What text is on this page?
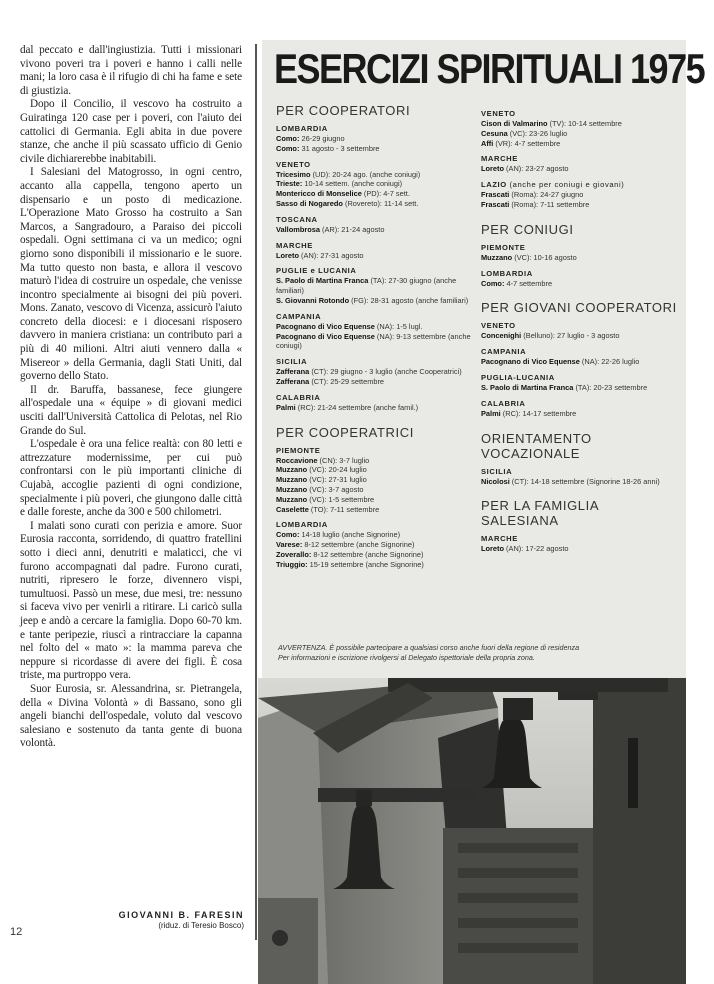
12

dal peccato e dall'ingiustizia. Tutti i missionari vivono poveri tra i poveri e hanno i calli nelle mani; la loro casa è il rifugio di chi ha fame e sete di giustizia.

Dopo il Concilio, il vescovo ha costruito a Guiratinga 120 case per i poveri, con l'aiuto dei cattolici di Germania. Egli abita in due povere stanze, che anche il più scassato ufficio di Genio civile dichiarerebbe inabitabili.

I Salesiani del Matogrosso, in ogni centro, accanto alla cappella, tengono aperto un dispensario e un posto di medicazione. L'Operazione Mato Grosso ha costruito a San Marcos, a Sangradouro, a Paraiso dei piccoli ospedali. Ogni settimana ci va un medico; ogni giorno sono disponibili il missionario e le suore. Ma tutto questo non basta, e allora il vescovo maturò l'idea di costruire un ospedale, che venisse incontro specialmente ai bisogni dei più poveri. Mons. Zanato, vescovo di Vicenza, assicurò l'aiuto concreto della diocesi: e i diocesani risposero davvero in maniera cristiana: un contributo pari a più di 40 milioni. Altri aiuti vennero dalla « Misereor » della Germania, dagli Stati Uniti, dal governo dello Stato.

Il dr. Baruffa, bassanese, fece giungere all'ospedale una « équipe » di giovani medici usciti dall'Università Cattolica di Pelotas, nel Rio Grande do Sul.

L'ospedale è ora una felice realtà: con 80 letti e attrezzature modernissime, per cui può confrontarsi con le più importanti cliniche di Cujabà, accoglie pazienti di ogni condizione, specialmente i più poveri, che giungono dalle città e dalle foreste, anche da 300 e 500 chilometri.

I malati sono curati con perizia e amore. Suor Eurosia racconta, sorridendo, di quattro fratellini sotto i dieci anni, denutriti e malaticci, che vi furono accompagnati dal padre. Furono curati, nutriti, ripresero le forze, divennero vispi, tumultuosi. Passò un mese, due mesi, tre: nessuno si faceva vivo per venirli a ritirare. Li caricò sulla jeep e andò a cercare la famiglia. Dopo 60-70 km. e tante peripezie, riuscì a rintracciare la capanna nel folto del « mato »: la mamma pareva che neppure si ricordasse di avere dei figli. È cosa triste, ma purtroppo vera.

Suor Eurosia, sr. Alessandrina, sr. Pietrangela, della « Divina Volontà » di Bassano, sono gli angeli bianchi dell'ospedale, voluto dal vescovo salesiano e sostenuto da tanta gente di buona volontà.

GIOVANNI B. FARESIN
(riduz. di Teresio Bosco)
ESERCIZI SPIRITUALI 1975
PER COOPERATORI
LOMBARDIA

Como: 26-29 giugno

Como: 31 agosto - 3 settembre

VENETO

Tricesimo (UD): 20-24 ago. (anche coniugi)

Trieste: 10-14 settem. (anche coniugi)

Montericco di Monselice (PD): 4-7 sett.

Sasso di Nogaredo (Rovereto): 11-14 sett.

TOSCANA

Vallombrosa (AR): 21-24 agosto

MARCHE

Loreto (AN): 27-31 agosto

PUGLIE e LUCANIA

S. Paolo di Martina Franca (TA): 27-30 giugno (anche familiari)

S. Giovanni Rotondo (FG): 28-31 agosto (anche familiari)

CAMPANIA

Pacognano di Vico Equense (NA): 1-5 lugl.

Pacognano di Vico Equense (NA): 9-13 settembre (anche coniugi)

SICILIA

Zafferana (CT): 29 giugno - 3 luglio (anche Cooperatrici)

Zafferana (CT): 25-29 settembre

CALABRIA

Palmi (RC): 21-24 settembre (anche famil.)

PER COOPERATRICI
PIEMONTE

Roccavione (CN): 3-7 luglio

Muzzano (VC): 20-24 luglio

Muzzano (VC): 27-31 luglio

Muzzano (VC): 3-7 agosto

Muzzano (VC): 1-5 settembre

Caselette (TO): 7-11 settembre

LOMBARDIA

Como: 14-18 luglio (anche Signorine)

Varese: 8-12 settembre (anche Signorine)

Zoverallo: 8-12 settembre (anche Signorine)

Triuggio: 15-19 settembre (anche Signorine)

VENETO

Cison di Valmarino (TV): 10-14 settembre

Cesuna (VC): 23-26 luglio

Affi (VR): 4-7 settembre

MARCHE

Loreto (AN): 23-27 agosto

LAZIO (anche per coniugi e giovani)

Frascati (Roma): 24-27 giugno

Frascati (Roma): 7-11 settembre

PER CONIUGI
PIEMONTE

Muzzano (VC): 10-16 agosto

LOMBARDIA

Como: 4-7 settembre

PER GIOVANI COOPERATORI
VENETO

Concenighi (Belluno): 27 luglio - 3 agosto

CAMPANIA

Pacognano di Vico Equense (NA): 22-26 luglio

PUGLIA-LUCANIA

S. Paolo di Martina Franca (TA): 20-23 settembre

CALABRIA

Palmi (RC): 14-17 settembre

ORIENTAMENTO VOCAZIONALE
SICILIA

Nicolosi (CT): 14-18 settembre (Signorine 18-26 anni)

PER LA FAMIGLIA SALESIANA
MARCHE

Loreto (AN): 17-22 agosto

AVVERTENZA. È possibile partecipare a qualsiasi corso anche fuori della regione di residenza
Per informazioni e iscrizione rivolgersi al Delegato ispettoriale della propria zona.
